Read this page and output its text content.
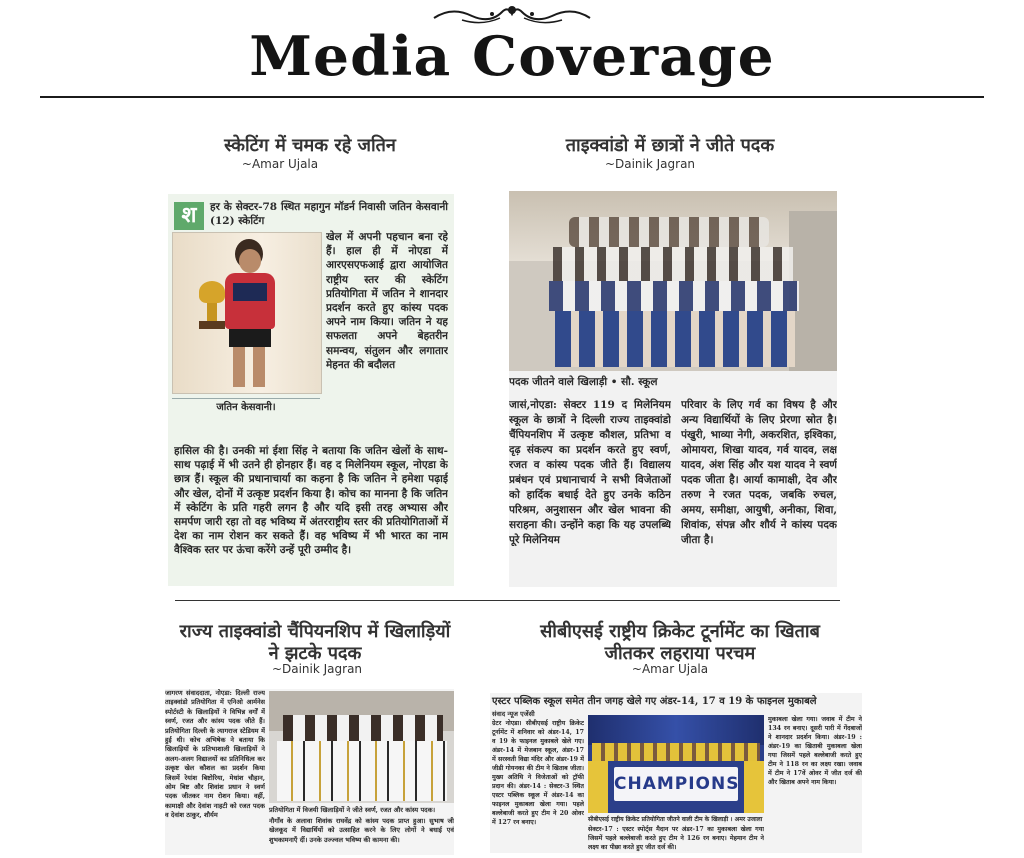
Media Coverage
स्केटिंग में चमक रहे जतिन
~Amar Ujala
श	हर के सेक्टर-78 स्थित महागुन मॉडर्न निवासी जतिन केसवानी (12) स्केटिंग
जतिन केसवानी।
खेल में अपनी पहचान बना रहे हैं। हाल ही में नोएडा में आरएसएफआई द्वारा आयोजित राष्ट्रीय स्तर की स्केटिंग प्रतियोगिता में जतिन ने शानदार प्रदर्शन करते हुए कांस्य पदक अपने नाम किया। जतिन ने यह सफलता अपने बेहतरीन समन्वय, संतुलन और लगातार मेहनत की बदौलत
हासिल की है। उनकी मां ईशा सिंह ने बताया कि जतिन खेलों के साथ-साथ पढ़ाई में भी उतने ही होनहार हैं। वह द मिलेनियम स्कूल, नोएडा के छात्र हैं। स्कूल की प्रधानाचार्या का कहना है कि जतिन ने हमेशा पढ़ाई और खेल, दोनों में उत्कृष्ट प्रदर्शन किया है। कोच का मानना है कि जतिन में स्केटिंग के प्रति गहरी लगन है और यदि इसी तरह अभ्यास और समर्पण जारी रहा तो वह भविष्य में अंतरराष्ट्रीय स्तर की प्रतियोगिताओं में देश का नाम रोशन कर सकते हैं। वह भविष्य में भी भारत का नाम वैश्विक स्तर पर ऊंचा करेंगे उन्हें पूरी उम्मीद है।
ताइक्वांडो में छात्रों ने जीते पदक
~Dainik Jagran
पदक जीतने वाले खिलाड़ी • सौ. स्कूल
जासं,नोएडा: सेक्टर 119 द मिलेनियम स्कूल के छात्रों ने दिल्ली राज्य ताइक्वांडो चैंपियनशिप में उत्कृष्ट कौशल, प्रतिभा व दृढ़ संकल्प का प्रदर्शन करते हुए स्वर्ण, रजत व कांस्य पदक जीते हैं। विद्यालय प्रबंधन एवं प्रधानाचार्य ने सभी विजेताओं को हार्दिक बधाई देते हुए उनके कठिन परिश्रम, अनुशासन और खेल भावना की सराहना की। उन्होंने कहा कि यह उपलब्धि पूरे मिलेनियम
परिवार के लिए गर्व का विषय है और अन्य विद्यार्थियों के लिए प्रेरणा स्रोत है। पंखुरी, भाव्या नेगी, अकरशित, इश्विका, ओमायरा, शिखा यादव, गर्व यादव, लक्ष यादव, अंश सिंह और यश यादव ने स्वर्ण पदक जीता है। आर्या कामाक्षी, देव और तरुण ने रजत पदक, जबकि रुचल, अमय, समीक्षा, आयुषी, अनीका, शिवा, शिवांक, संपन्न और शौर्य ने कांस्य पदक जीता है।
राज्य ताइक्वांडो चैंपियनशिप में खिलाड़ियों ने झटके पदक
~Dainik Jagran
जागरण संवाददाता, नोएडा: दिल्ली राज्य ताइक्वांडो प्रतियोगिता में एनिओ आर्मनेस स्पोर्टस्टी के खिलाड़ियों ने विभिन्न वर्गों में स्वर्ण, रजत और कांस्य पदक जीते हैं। प्रतियोगिता दिल्ली के त्यागराज स्टेडियम में हुई थी। कोच अभिषेक ने बताया कि खिलाड़ियों के प्रतिभाशाली खिलाड़ियों ने अलग-अलग विद्यालयों का प्रतिनिधित्व कर उत्कृष्ट खेल कौशल का प्रदर्शन किया जिसमें रेयांश बिष्टोरिया, मेधांश चौहान, ओम बिष्ट और शिवांश प्रधान ने स्वर्ण पदक जीतकर नाम रोशन किया। वहीं, कामाक्षी और देवांश नाहटी को रजत पदक व देवांश ठाकुर, शौर्यम
प्रतियोगिता में विजयी खिलाड़ियों ने जीते स्वर्ण, रजत और कांस्य पदक।
नौगाँव के अलावा शिवांक राघवेंद्र को कांस्य पदक प्राप्त हुआ। सुभाष जी खेलकूद में विद्यार्थियों को उत्साहित करने के लिए लोगों ने बधाई एवं शुभकामनाएँ दीं। उनके उज्ज्वल भविष्य की कामना की।
सीबीएसई राष्ट्रीय क्रिकेट टूर्नामेंट का खिताब जीतकर लहराया परचम
~Amar Ujala
एस्टर पब्लिक स्कूल समेत तीन जगह खेले गए अंडर-14, 17 व 19 के फाइनल मुकाबले
संवाद न्यूज एजेंसी
ग्रेटर नोएडा। सीबीएसई राष्ट्रीय क्रिकेट टूर्नामेंट में शनिवार को अंडर-14, 17 व 19 के फाइनल मुकाबले खेले गए। अंडर-14 में मेजबान स्कूल, अंडर-17 में सरस्वती विद्या मंदिर और अंडर-19 में जीडी गोयनका की टीम ने खिताब जीता। मुख्य अतिथि ने विजेताओं को ट्रॉफी प्रदान की। अंडर-14 : सेक्टर-3 स्थित एस्टर पब्लिक स्कूल में अंडर-14 का फाइनल मुकाबला खेला गया। पहले बल्लेबाजी करते हुए टीम ने 20 ओवर में 127 रन बनाए।
CHAMPIONS
सीबीएसई राष्ट्रीय क्रिकेट प्रतियोगिता जीतने वाली टीम के खिलाड़ी । अमर उजाला
सेक्टर-17 : एस्टर स्पोर्ट्स मैदान पर अंडर-17 का मुकाबला खेला गया जिसमें पहले बल्लेबाजी करते हुए टीम ने 126 रन बनाए। मेहमान टीम ने लक्ष्य का पीछा करते हुए जीत दर्ज की।
मुकाबला खेला गया। जवाब में टीम ने 134 रन बनाए। दूसरी पारी में गेंदबाजों ने शानदार प्रदर्शन किया। अंडर-19 : अंडर-19 का खिताबी मुकाबला खेला गया जिसमें पहले बल्लेबाजी करते हुए टीम ने 118 रन का लक्ष्य रखा। जवाब में टीम ने 17वें ओवर में जीत दर्ज की और खिताब अपने नाम किया।
